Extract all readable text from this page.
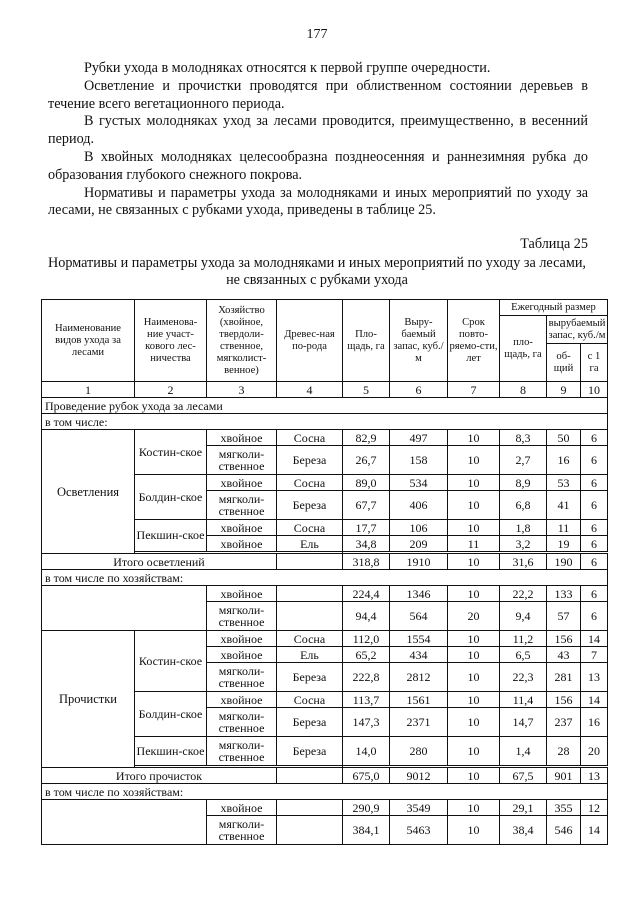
177

Рубки ухода в молодняках относятся к первой группе очередности.

Осветление и прочистки проводятся при облиственном состоянии деревьев в течение всего вегетационного периода.

В густых молодняках уход за лесами проводится, преимущественно, в весенний период.

В хвойных молодняках целесообразна позднеосенняя и раннезимняя рубка до образования глубокого снежного покрова.

Нормативы и параметры ухода за молодняками и иных мероприятий по уходу за лесами, не связанных с рубками ухода, приведены в таблице 25.

Таблица 25
Нормативы и параметры ухода за молодняками и иных мероприятий по уходу за лесами, не связанных с рубками ухода
Наименование видов ухода за лесами	Наименова-ние участ-кового лес-ничества	Хозяйство (хвойное, твердоли-ственное, мягколист-венное)	Древес-ная по-рода	Пло-щадь, га	Выру-баемый запас, куб./м	Срок повто-ряемо-сти, лет	Ежегодный размер		
							пло-щадь, га	вырубаемый запас, куб./м	
								об-щий	с 1 га
1	2	3	4	5	6	7	8	9	10
Проведение рубок ухода за лесами									
в том числе:									
Осветления	Костин-ское	хвойное	Сосна	82,9	497	10	8,3	50	6
		мягколи-ственное	Береза	26,7	158	10	2,7	16	6
	Болдин-ское	хвойное	Сосна	89,0	534	10	8,9	53	6
		мягколи-ственное	Береза	67,7	406	10	6,8	41	6
	Пекшин-ское	хвойное	Сосна	17,7	106	10	1,8	11	6
		хвойное	Ель	34,8	209	11	3,2	19	6

Итого осветлений				318,8	1910	10	31,6	190	6
в том числе по хозяйствам:									
		хвойное		224,4	1346	10	22,2	133	6
		мягколи-ственное		94,4	564	20	9,4	57	6
Прочистки	Костин-ское	хвойное	Сосна	112,0	1554	10	11,2	156	14
		хвойное	Ель	65,2	434	10	6,5	43	7
		мягколи-ственное	Береза	222,8	2812	10	22,3	281	13
	Болдин-ское	хвойное	Сосна	113,7	1561	10	11,4	156	14
		мягколи-ственное	Береза	147,3	2371	10	14,7	237	16
	Пекшин-ское	мягколи-ственное	Береза	14,0	280	10	1,4	28	20

Итого прочисток				675,0	9012	10	67,5	901	13
в том числе по хозяйствам:									
		хвойное		290,9	3549	10	29,1	355	12
		мягколи-ственное		384,1	5463	10	38,4	546	14
